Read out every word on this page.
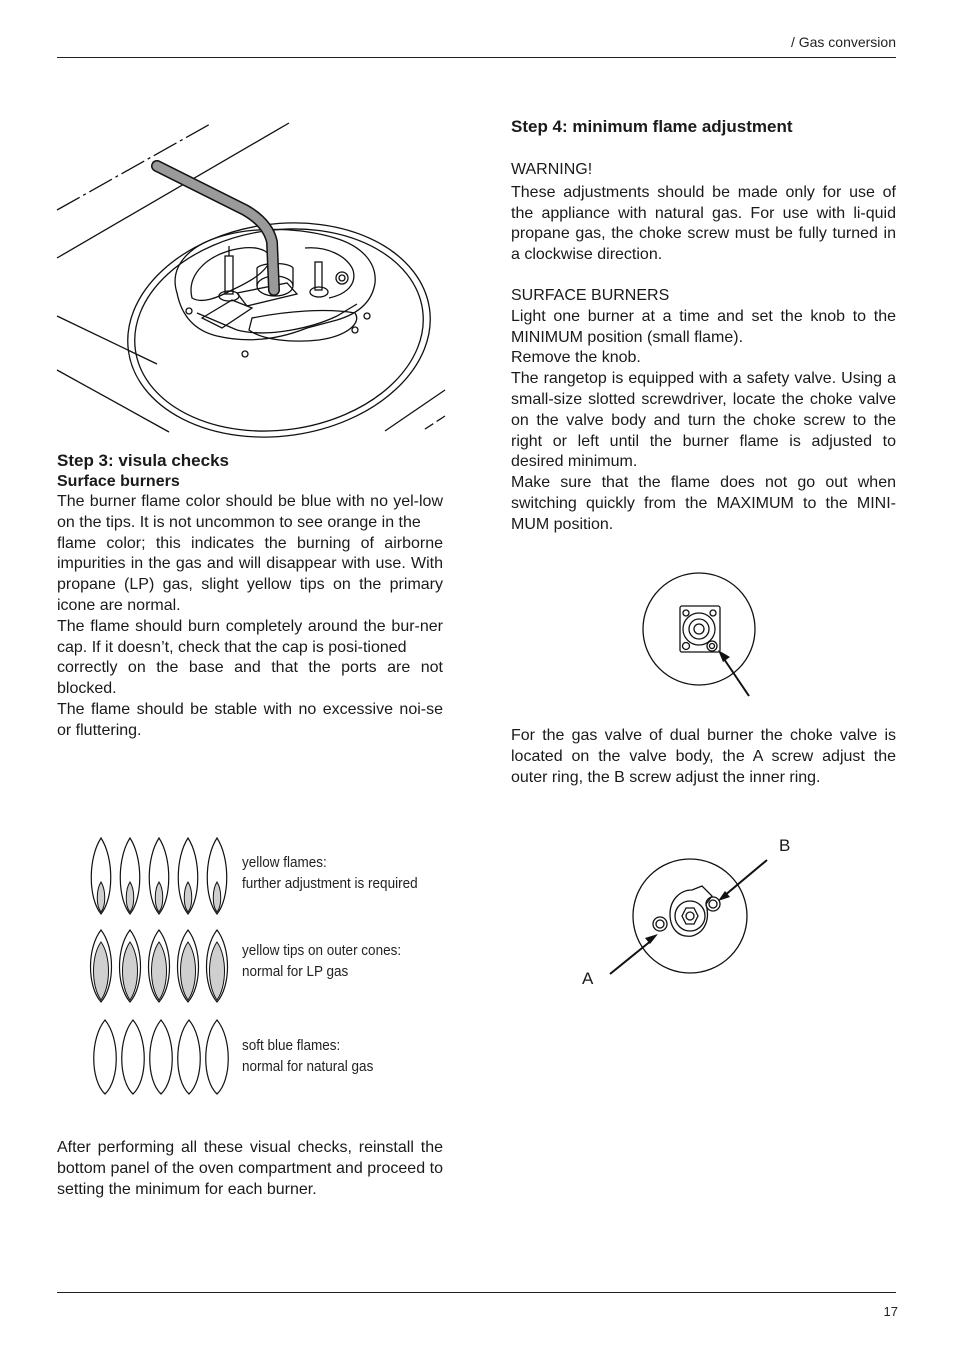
/ Gas conversion
Step 3: visula checks
Surface burners

The burner flame color should be blue with no yel-low on the tips. It is not uncommon to see orange in the

flame color; this indicates the burning of airborne impurities in the gas and will disappear with use. With propane (LP) gas, slight yellow tips on the primary icone are normal.

The flame should burn completely around the bur-ner cap. If it doesn’t, check that the cap is posi-tioned

correctly on the base and that the ports are not blocked.

The flame should be stable with no excessive noi-se or fluttering.

yellow flames:
further adjustment is required
yellow tips on outer cones:
normal for LP gas
soft blue flames:
normal for natural gas

After performing all these visual checks, reinstall the bottom panel of the oven compartment and proceed to setting the minimum for each burner.

Step 4: minimum flame adjustment

WARNING!

These adjustments should be made only for use of the appliance with natural gas. For use with li-quid propane gas, the choke screw must be fully turned in a clockwise direction.

SURFACE BURNERS

Light one burner at a time and set the knob to the MINIMUM position (small flame).

Remove the knob.

The rangetop is equipped with a safety valve. Using a small-size slotted screwdriver, locate the choke valve on the valve body and turn the choke screw to the right or left until the burner flame is adjusted to desired minimum.

Make sure that the flame does not go out when switching quickly from the MAXIMUM to the MINI-MUM position.

For the gas valve of dual burner the choke valve is located on the valve body, the A screw adjust the outer ring, the B screw adjust the inner ring.

A
B
17
